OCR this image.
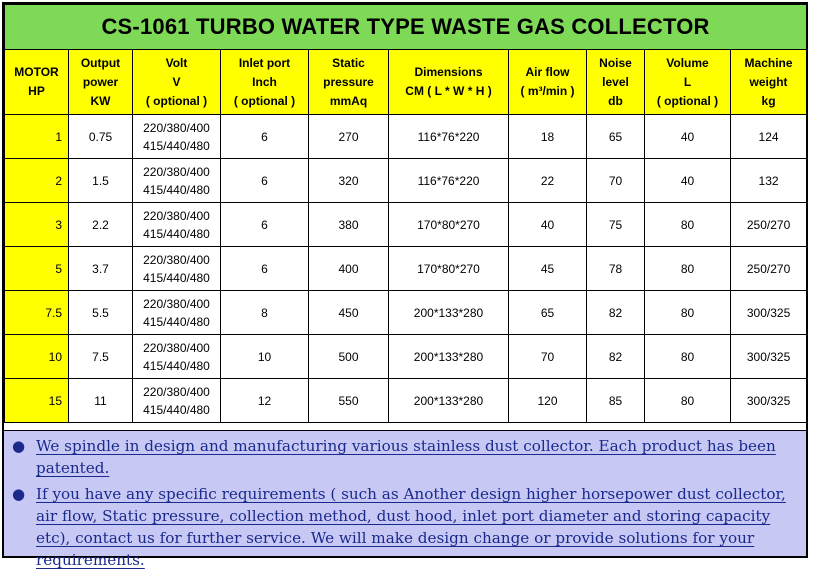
CS-1061 TURBO WATER TYPE WASTE GAS COLLECTOR									
MOTOR
HP	Output
power
KW	Volt
V
( optional )	Inlet port
Inch
( optional )	Static
pressure
mmAq	Dimensions
CM ( L * W * H )	Air flow
( m³/min )	Noise
level
db	Volume
L
( optional )	Machine
weight
kg
1	0.75	220/380/400
415/440/480	6	270	116*76*220	18	65	40	124
2	1.5	220/380/400
415/440/480	6	320	116*76*220	22	70	40	132
3	2.2	220/380/400
415/440/480	6	380	170*80*270	40	75	80	250/270
5	3.7	220/380/400
415/440/480	6	400	170*80*270	45	78	80	250/270
7.5	5.5	220/380/400
415/440/480	8	450	200*133*280	65	82	80	300/325
10	7.5	220/380/400
415/440/480	10	500	200*133*280	70	82	80	300/325
15	11	220/380/400
415/440/480	12	550	200*133*280	120	85	80	300/325
● We spindle in design and manufacturing various stainless dust collector. Each product has been patented.
● If you have any specific requirements ( such as Another design higher horsepower dust collector, air flow, Static pressure, collection method, dust hood, inlet port diameter and storing capacity etc), contact us for further service. We will make design change or provide solutions for your requirements.
